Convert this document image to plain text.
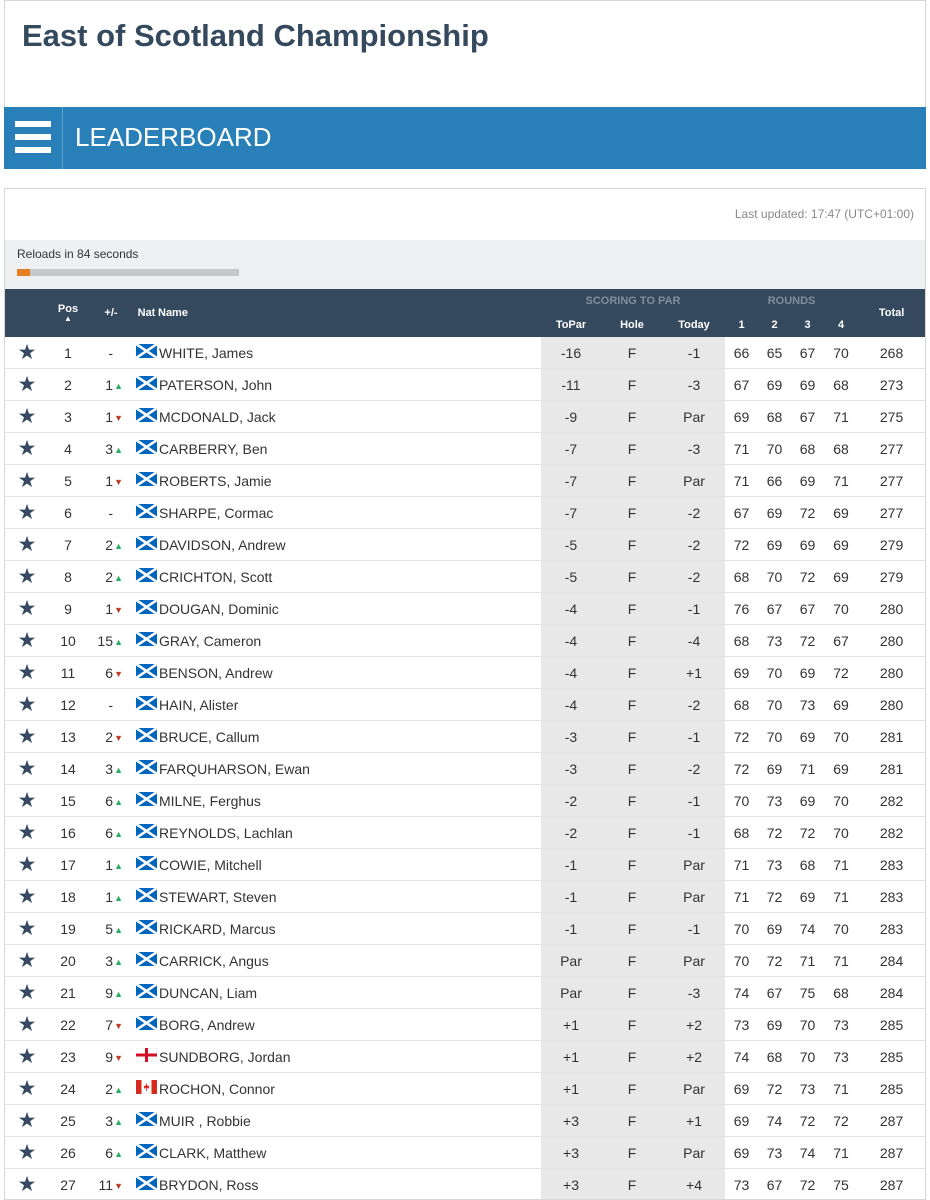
East of Scotland Championship
LEADERBOARD
Last updated: 17:47 (UTC+01:00)
Reloads in 84 seconds
	Pos
▲	+/-	Nat	Name	SCORING TO PAR			ROUNDS				Total
					ToPar	Hole	Today	1	2	3	4	
★	1	-		WHITE, James	-16	F	-1	66	65	67	70	268
★	2	1▲		PATERSON, John	-11	F	-3	67	69	69	68	273
★	3	1▼		MCDONALD, Jack	-9	F	Par	69	68	67	71	275
★	4	3▲		CARBERRY, Ben	-7	F	-3	71	70	68	68	277
★	5	1▼		ROBERTS, Jamie	-7	F	Par	71	66	69	71	277
★	6	-		SHARPE, Cormac	-7	F	-2	67	69	72	69	277
★	7	2▲		DAVIDSON, Andrew	-5	F	-2	72	69	69	69	279
★	8	2▲		CRICHTON, Scott	-5	F	-2	68	70	72	69	279
★	9	1▼		DOUGAN, Dominic	-4	F	-1	76	67	67	70	280
★	10	15▲		GRAY, Cameron	-4	F	-4	68	73	72	67	280
★	11	6▼		BENSON, Andrew	-4	F	+1	69	70	69	72	280
★	12	-		HAIN, Alister	-4	F	-2	68	70	73	69	280
★	13	2▼		BRUCE, Callum	-3	F	-1	72	70	69	70	281
★	14	3▲		FARQUHARSON, Ewan	-3	F	-2	72	69	71	69	281
★	15	6▲		MILNE, Ferghus	-2	F	-1	70	73	69	70	282
★	16	6▲		REYNOLDS, Lachlan	-2	F	-1	68	72	72	70	282
★	17	1▲		COWIE, Mitchell	-1	F	Par	71	73	68	71	283
★	18	1▲		STEWART, Steven	-1	F	Par	71	72	69	71	283
★	19	5▲		RICKARD, Marcus	-1	F	-1	70	69	74	70	283
★	20	3▲		CARRICK, Angus	Par	F	Par	70	72	71	71	284
★	21	9▲		DUNCAN, Liam	Par	F	-3	74	67	75	68	284
★	22	7▼		BORG, Andrew	+1	F	+2	73	69	70	73	285
★	23	9▼		SUNDBORG, Jordan	+1	F	+2	74	68	70	73	285
★	24	2▲		ROCHON, Connor	+1	F	Par	69	72	73	71	285
★	25	3▲		MUIR , Robbie	+3	F	+1	69	74	72	72	287
★	26	6▲		CLARK, Matthew	+3	F	Par	69	73	74	71	287
★	27	11▼		BRYDON, Ross	+3	F	+4	73	67	72	75	287
